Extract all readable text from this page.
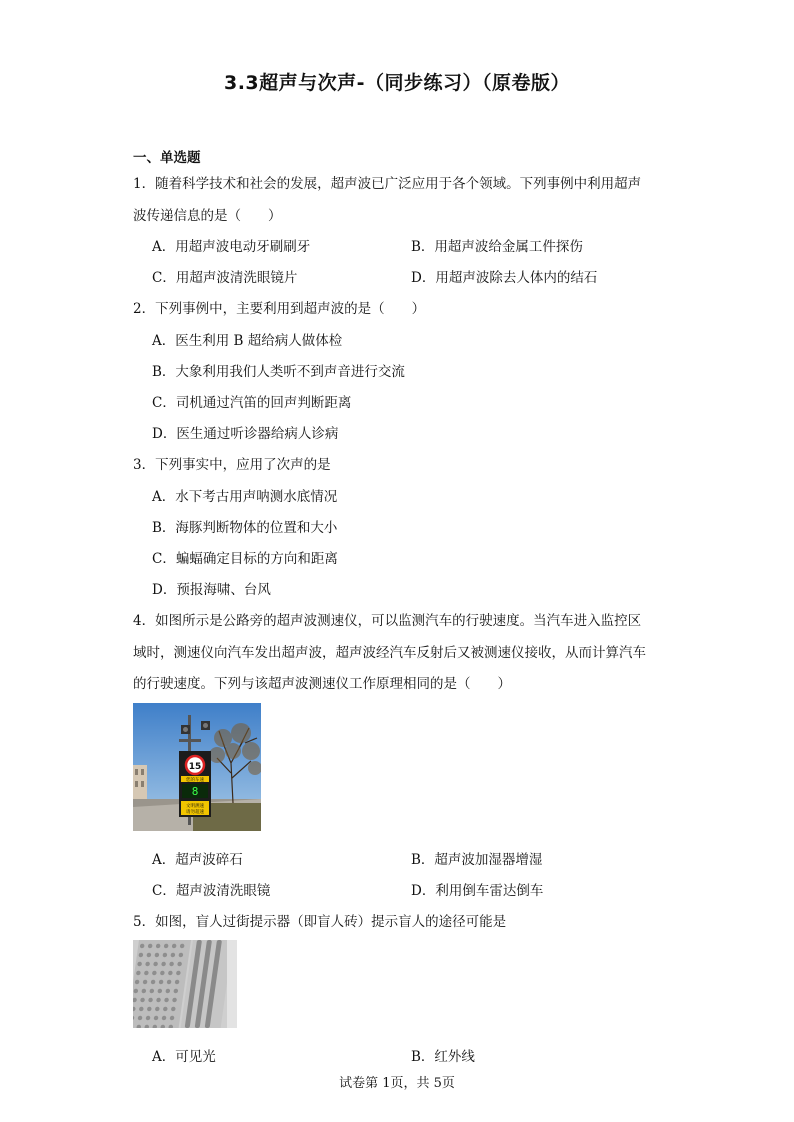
3.3超声与次声-（同步练习）（原卷版）
一、单选题
1．随着科学技术和社会的发展，超声波已广泛应用于各个领域。下列事例中利用超声
波传递信息的是（　　）
A．用超声波电动牙刷刷牙	B．用超声波给金属工件探伤
C．用超声波清洗眼镜片	D．用超声波除去人体内的结石
2．下列事例中，主要利用到超声波的是（　　）
A．医生利用 B 超给病人做体检
B．大象利用我们人类听不到声音进行交流
C．司机通过汽笛的回声判断距离
D．医生通过听诊器给病人诊病
3．下列事实中，应用了次声的是
A．水下考古用声呐测水底情况
B．海豚判断物体的位置和大小
C．蝙蝠确定目标的方向和距离
D．预报海啸、台风
4．如图所示是公路旁的超声波测速仪，可以监测汽车的行驶速度。当汽车进入监控区
域时，测速仪向汽车发出超声波，超声波经汽车反射后又被测速仪接收，从而计算汽车
的行驶速度。下列与该超声波测速仪工作原理相同的是（　　）
15
您的车速
8
文明测速
请勿超速
A．超声波碎石	B．超声波加湿器增湿
C．超声波清洗眼镜	D．利用倒车雷达倒车
5．如图，盲人过街提示器（即盲人砖）提示盲人的途径可能是
A．可见光	B．红外线
试卷第 1页，共 5页
